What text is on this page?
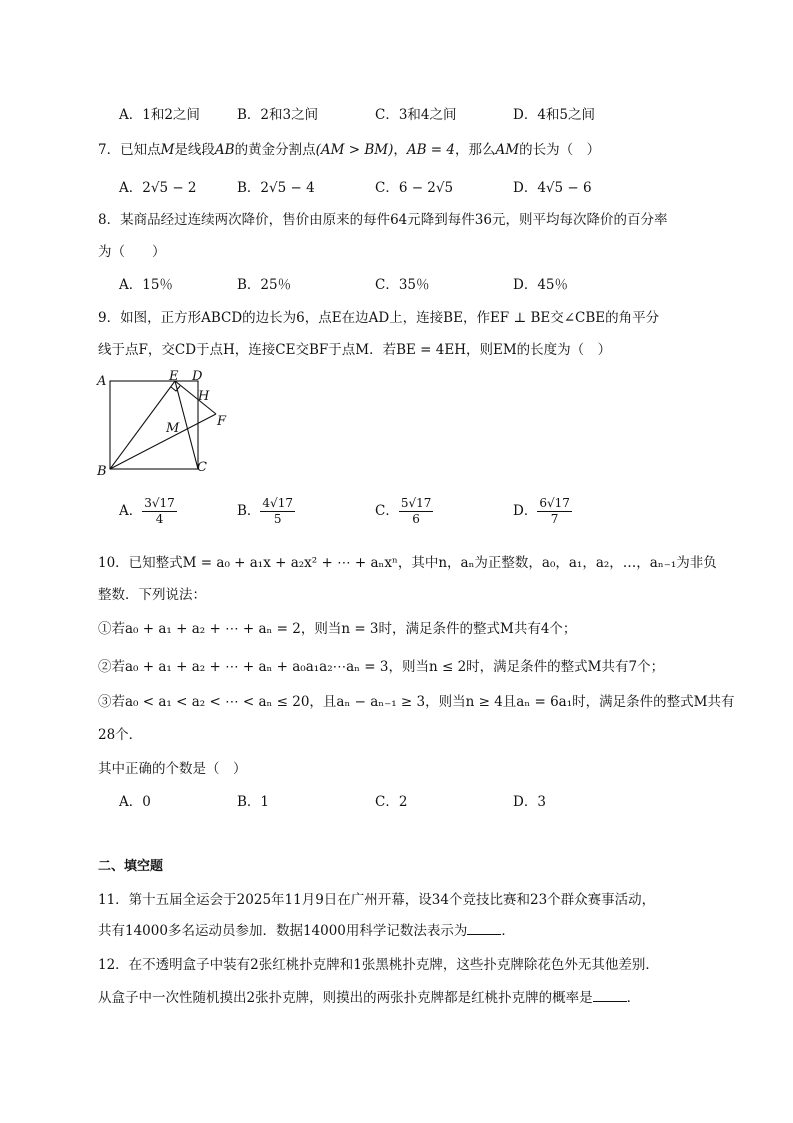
A．1和2之间	B．2和3之间	C．3和4之间	D．4和5之间
7．已知点M是线段AB的黄金分割点(AM > BM)，AB = 4，那么AM的长为（　）
A．2√5 − 2	B．2√5 − 4	C．6 − 2√5	D．4√5 − 6
8．某商品经过连续两次降价，售价由原来的每件64元降到每件36元，则平均每次降价的百分率
为（　　）
A．15％	B．25％	C．35％	D．45％
9．如图，正方形ABCD的边长为6，点E在边AD上，连接BE，作EF ⊥ BE交∠CBE的角平分
线于点F，交CD于点H，连接CE交BF于点M．若BE = 4EH，则EM的长度为（　）
A	E D
H
M	F
B	C
A． $\frac{3√17}{4}$	B． $\frac{4√17}{5}$	C． $\frac{5√17}{6}$	D． $\frac{6√17}{7}$
10．已知整式M = a₀ + a₁x + a₂x² + ⋯ + aₙxⁿ，其中n，aₙ为正整数，a₀，a₁，a₂，…，aₙ₋₁为非负
整数．下列说法：
①若a₀ + a₁ + a₂ + ⋯ + aₙ = 2，则当n = 3时，满足条件的整式M共有4个；
②若a₀ + a₁ + a₂ + ⋯ + aₙ + a₀a₁a₂⋯aₙ = 3，则当n ≤ 2时，满足条件的整式M共有7个；
③若a₀ < a₁ < a₂ < ⋯ < aₙ ≤ 20，且aₙ − aₙ₋₁ ≥ 3，则当n ≥ 4且aₙ = 6a₁时，满足条件的整式M共有
28个．
其中正确的个数是（　）
A．0	B．1	C．2	D．3
二、填空题
11．第十五届全运会于2025年11月9日在广州开幕，设34个竞技比赛和23个群众赛事活动，
共有14000多名运动员参加．数据14000用科学记数法表示为	．
12．在不透明盒子中装有2张红桃扑克牌和1张黑桃扑克牌，这些扑克牌除花色外无其他差别．
从盒子中一次性随机摸出2张扑克牌，则摸出的两张扑克牌都是红桃扑克牌的概率是	．
